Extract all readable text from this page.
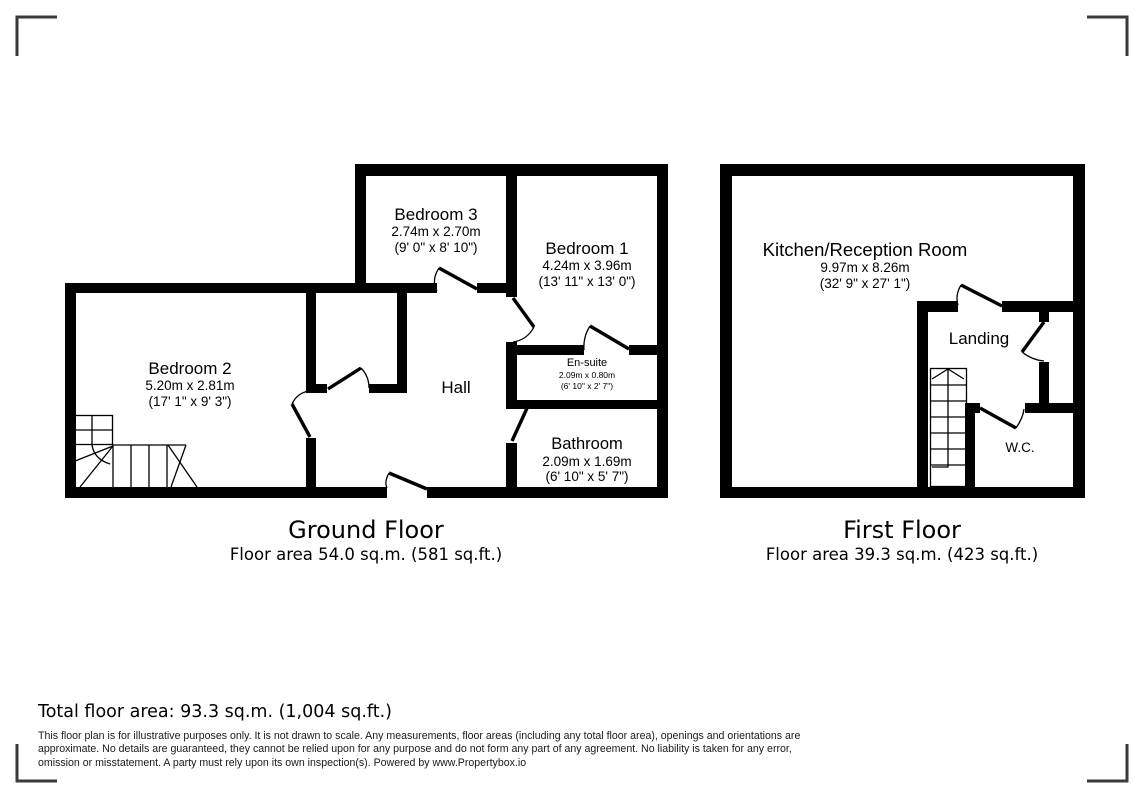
Bedroom 3
2.74m x 2.70m
(9' 0" x 8' 10")	Bedroom 1
4.24m x 3.96m
(13' 11" x 13' 0")
Bedroom 2
5.20m x 2.81m
(17' 1" x 9' 3")
Hall
En-suite
2.09m x 0.80m
(6' 10" x 2' 7")
Bathroom
2.09m x 1.69m
(6' 10" x 5' 7")
Kitchen/Reception Room
9.97m x 8.26m
(32' 9" x 27' 1")
Landing
W.C.
Ground Floor
Floor area 54.0 sq.m. (581 sq.ft.)
First Floor
Floor area 39.3 sq.m. (423 sq.ft.)
Total floor area: 93.3 sq.m. (1,004 sq.ft.)
This floor plan is for illustrative purposes only. It is not drawn to scale. Any measurements, floor areas (including any total floor area), openings and orientations are
approximate. No details are guaranteed, they cannot be relied upon for any purpose and do not form any part of any agreement. No liability is taken for any error,
omission or misstatement. A party must rely upon its own inspection(s). Powered by www.Propertybox.io
